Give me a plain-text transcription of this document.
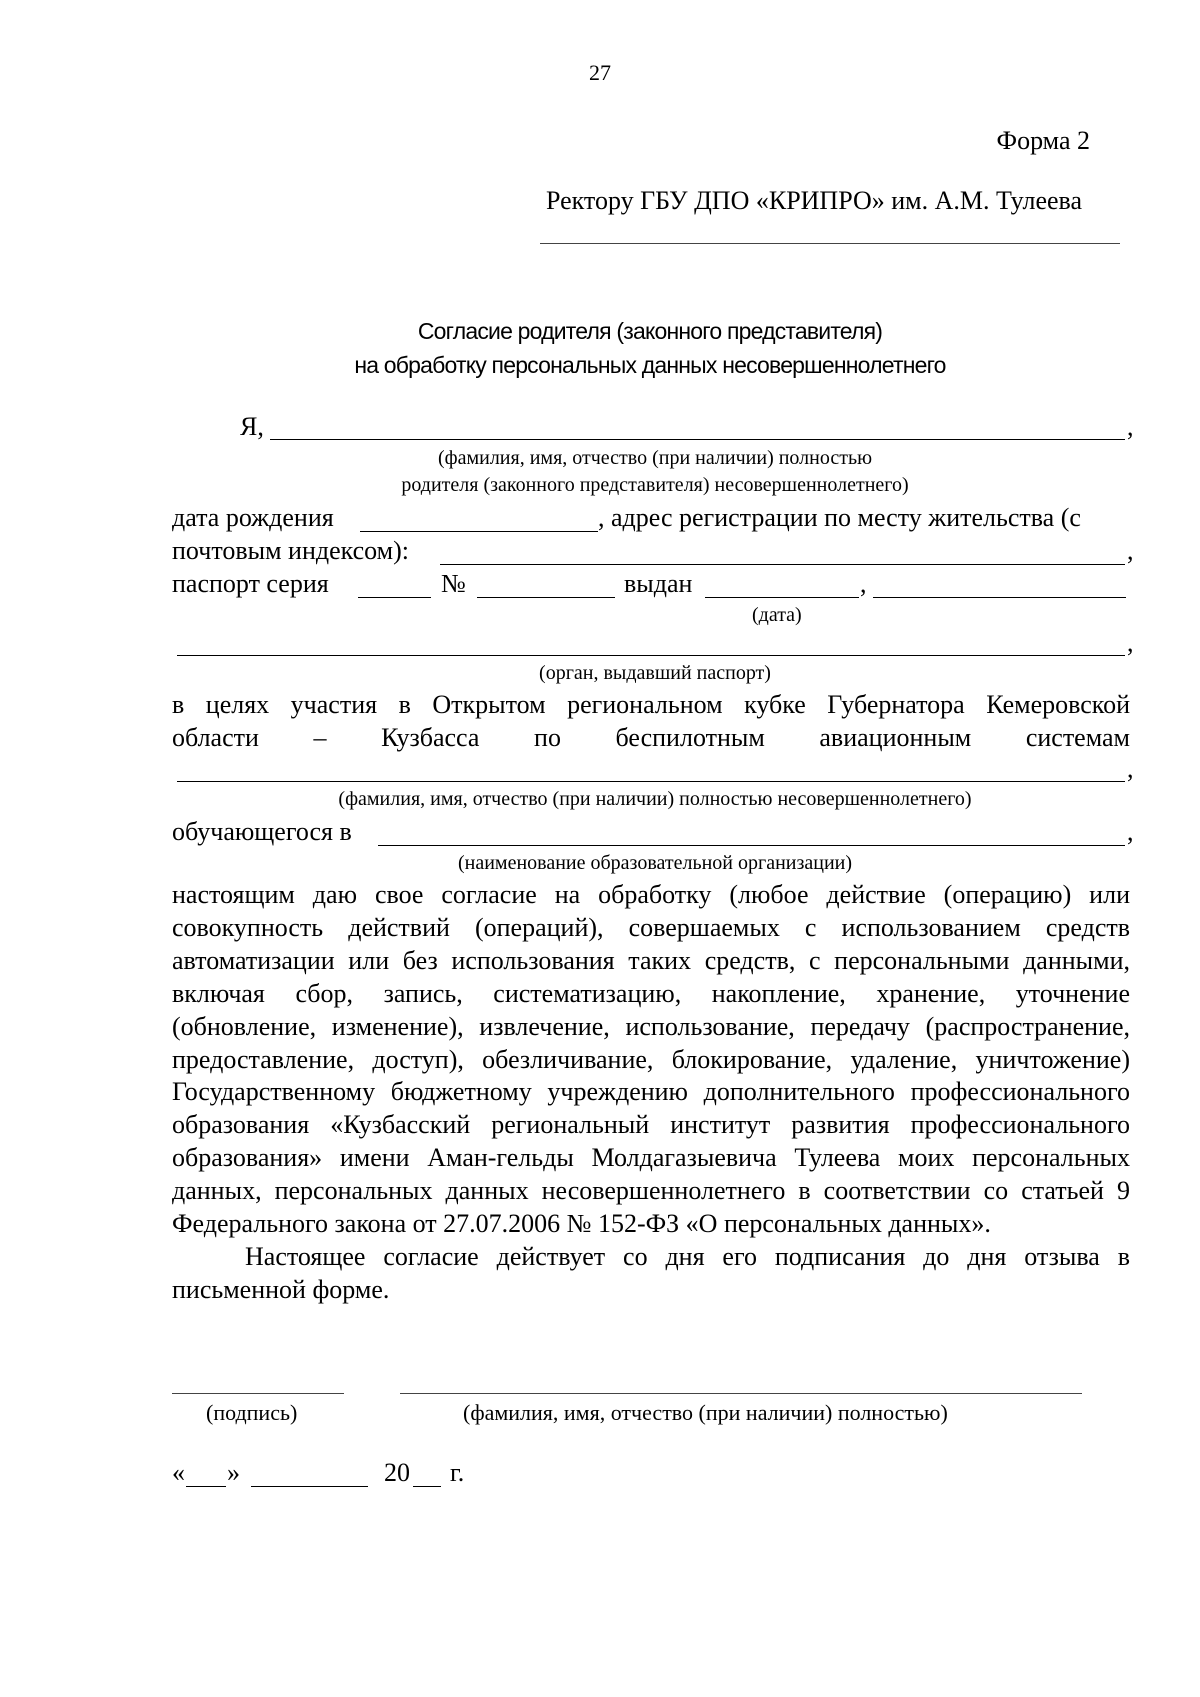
27
Форма 2
Ректору ГБУ ДПО «КРИПРО» им. А.М. Тулеева
Согласие родителя (законного представителя)
на обработку персональных данных несовершеннолетнего
Я,	,
(фамилия, имя, отчество (при наличии) полностью
родителя (законного представителя) несовершеннолетнего)
дата рождения	, адрес регистрации по месту жительства (с
почтовым индексом):	,
паспорт серия	№	выдан	,
(дата)
,
(орган, выдавший паспорт)
в целях участия в Открытом региональном кубке Губернатора Кемеровской
области – Кузбасса по беспилотным авиационным системам
,
(фамилия, имя, отчество (при наличии) полностью несовершеннолетнего)
обучающегося в	,
(наименование образовательной организации)

настоящим даю свое согласие на обработку (любое действие (операцию) или совокупность действий (операций), совершаемых с использованием средств автоматизации или без использования таких средств, с персональными данными, включая сбор, запись, систематизацию, накопление, хранение, уточнение (обновление, изменение), извлечение, использование, передачу (распространение, предоставление, доступ), обезличивание, блокирование, удаление, уничтожение) Государственному бюджетному учреждению дополнительного профессионального образования «Кузбасский региональный институт развития профессионального образования» имени Аман-гельды Молдагазыевича Тулеева моих персональных данных, персональных данных несовершеннолетнего в соответствии со статьей 9 Федерального закона от 27.07.2006 № 152-ФЗ «О персональных данных».

Настоящее согласие действует со дня его подписания до дня отзыва в письменной форме.

(подпись)	(фамилия, имя, отчество (при наличии) полностью)
« »	20 г.
